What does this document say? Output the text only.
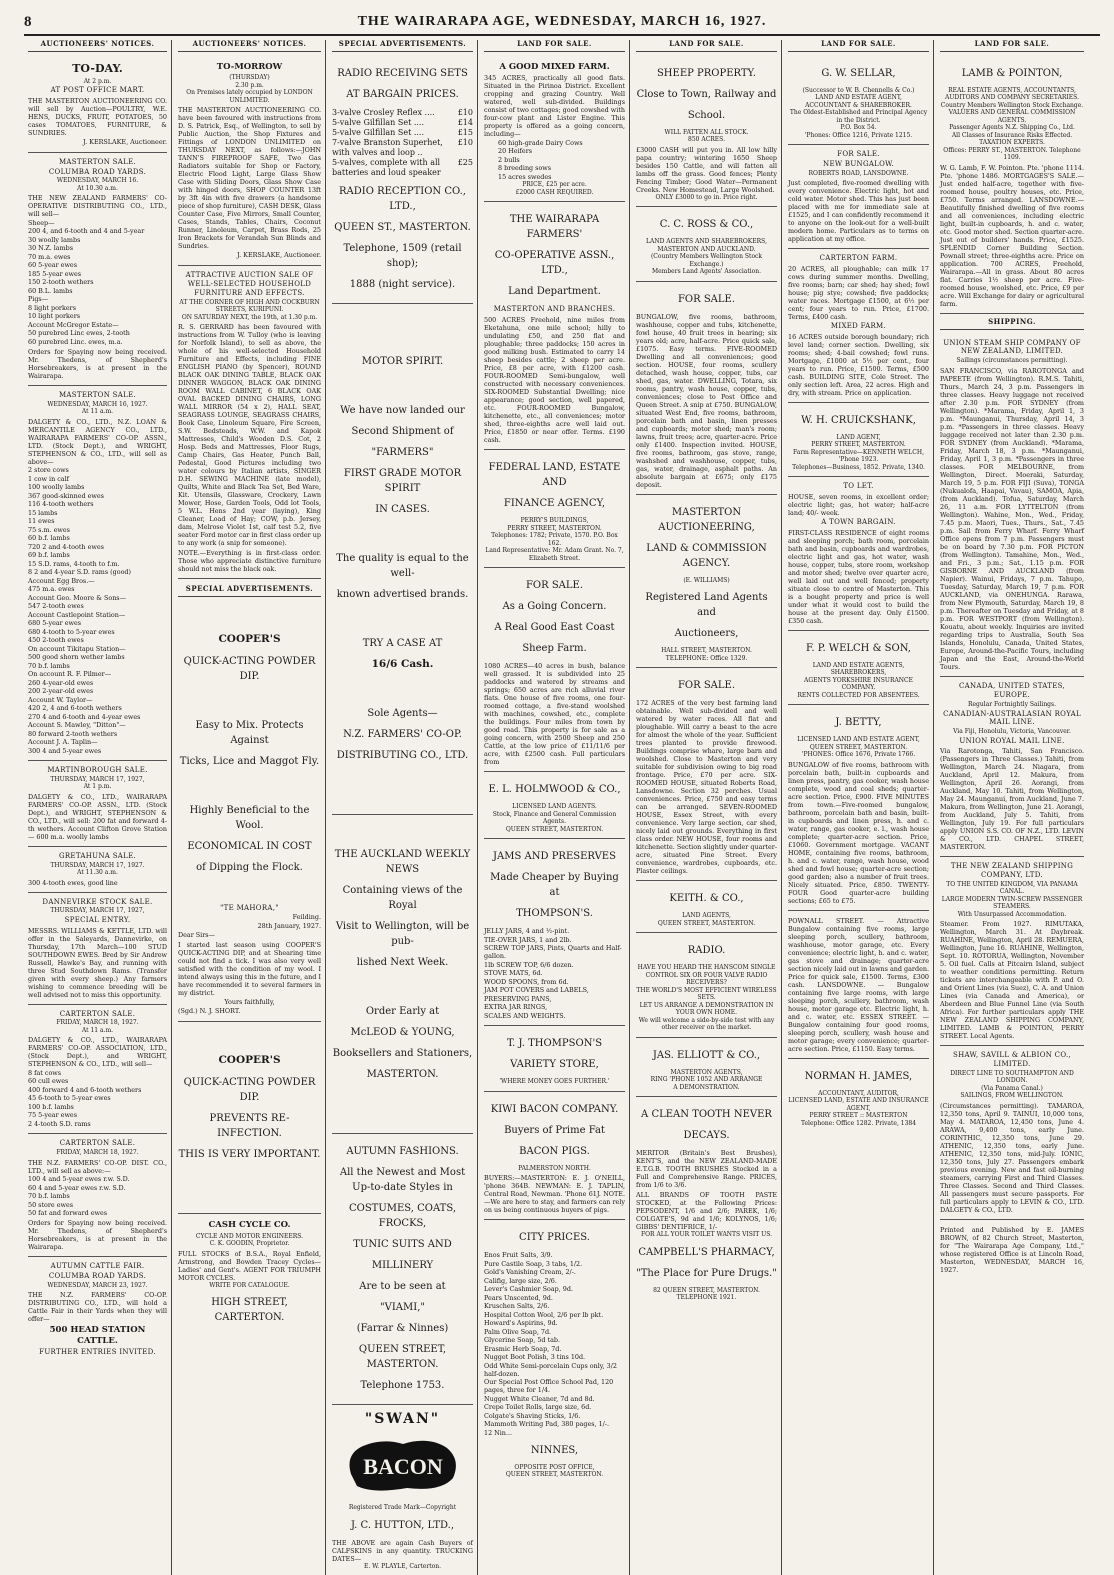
8	THE WAIRARAPA AGE, WEDNESDAY, MARCH 16, 1927.
AUCTIONEERS' NOTICES.
TO-DAY.
At 2 p.m.
AT POST OFFICE MART.
THE MASTERTON AUCTIONEERING CO. will sell by Auction—POULTRY, W.E. HENS, DUCKS, FRUIT, POTATOES, 50 cases TOMATOES, FURNITURE, & SUNDRIES.
J. KERSLAKE, Auctioneer.
MASTERTON SALE.
COLUMBA ROAD YARDS.
WEDNESDAY, MARCH 16.
At 10.30 a.m.
THE NEW ZEALAND FARMERS' CO-OPERATIVE DISTRIBUTING CO., LTD., will sell—
Sheep—
200 4, and 6-tooth and 4 and 5-year
30 woolly lambs
30 N.Z. lambs
70 m.a. ewes
60 5-year ewes
185 5-year ewes
150 2-tooth wethers
60 B.L. lambs
Pigs—
8 light porkers
10 light porkers
Account McGregor Estate—
50 purebred Linc ewes, 2-tooth
60 purebred Linc. ewes, m.a.
Orders for Spaying now being received. Mr. Thedens, of Shepherd's Horsebreakers, is at present in the Wairarapa.
MASTERTON SALE.
WEDNESDAY, MARCH 16, 1927.
At 11 a.m.
DALGETY & CO., LTD., N.Z. LOAN & MERCANTILE AGENCY CO., LTD., WAIRARAPA FARMERS' CO-OP. ASSN., LTD. (Stock Dept.), and WRIGHT, STEPHENSON & CO., LTD., will sell as above—
2 store cows
1 cow in calf
100 woolly lambs
367 good-skinned ewes
116 4-tooth wethers
15 lambs
11 ewes
75 s.m. ewes
60 b.f. lambs
720 2 and 4-tooth ewes
69 b.f. lambs
15 S.D. rams, 4-tooth to f.m.
8 2 and 4-year S.D. rams (good)
Account Egg Bros.—
475 m.a. ewes
Account Geo. Moore & Sons—
547 2-tooth ewes
Account Castlepoint Station—
680 5-year ewes
680 4-tooth to 5-year ewes
450 2-tooth ewes
On account Tikitapu Station—
500 good shorn wether lambs
70 b.f. lambs
On account R. F. Pilmer—
260 4-year-old ewes
200 2-year-old ewes
Account W. Taylor—
420 2, 4 and 6-tooth wethers
270 4 and 6-tooth and 4-year ewes
Account S. Mawley, "Ditton"—
80 forward 2-tooth wethers
Account J. A. Taplin—
300 4 and 5-year ewes
MARTINBOROUGH SALE.
THURSDAY, MARCH 17, 1927,
At 1 p.m.
DALGETY & CO., LTD., WAIRARAPA FARMERS' CO-OP. ASSN., LTD. (Stock Dept.), and WRIGHT, STEPHENSON & CO., LTD., will sell: 200 fat and forward 4-th wethers. Account Clifton Grove Station— 600 m.a. woolly lambs
GRETAHUNA SALE.
THURSDAY, MARCH 17, 1927.
At 11.30 a.m.
300 4-tooth ewes, good line
DANNEVIRKE STOCK SALE.
THURSDAY, MARCH 17, 1927,
SPECIAL ENTRY.
MESSRS. WILLIAMS & KETTLE, LTD. will offer in the Saleyards, Dannevirke, on Thursday, 17th March—100 STUD SOUTHDOWN EWES. Bred by Sir Andrew Russell, Hawke's Bay, and running with three Stud Southdown Rams. (Transfer given with every sheep.) Any farmers wishing to commence breeding will be well advised not to miss this opportunity.
CARTERTON SALE.
FRIDAY, MARCH 18, 1927.
At 11 a.m.
DALGETY & CO., LTD., WAIRARAPA FARMERS' CO-OP. ASSOCIATION, LTD., (Stock Dept.), and WRIGHT, STEPHENSON & CO., LTD., will sell—
8 fat cows
60 cull ewes
400 forward 4 and 6-tooth wethers
45 6-tooth to 5-year ewes
100 b.f. lambs
75 5-year ewes
2 4-tooth S.D. rams
CARTERTON SALE.
FRIDAY, MARCH 18, 1927.
THE N.Z. FARMERS' CO-OP. DIST. CO., LTD., will sell as above:—
100 4 and 5-year ewes r.w. S.D.
60 4 and 5-year ewes r.w. S.D.
70 b.f. lambs
50 store ewes
50 fat and forward ewes
Orders for Spaying now being received. Mr. Thedens, of Shepherd's Horsebreakers, is at present in the Wairarapa.
AUTUMN CATTLE FAIR.
COLUMBA ROAD YARDS.
WEDNESDAY, MARCH 23, 1927.
THE N.Z. FARMERS' CO-OP. DISTRIBUTING CO., LTD., will hold a Cattle Fair in their Yards when they will offer—
500 HEAD STATION CATTLE.
FURTHER ENTRIES INVITED.
AUCTIONEERS' NOTICES.
TO-MORROW
(THURSDAY)
2.30 p.m.
On Premises lately occupied by LONDON UNLIMITED.
THE MASTERTON AUCTIONEERING CO. have been favoured with instructions from D. S. Patrick, Esq., of Wellington, to sell by Public Auction, the Shop Fixtures and Fittings of LONDON UNLIMITED on THURSDAY NEXT, as follows:—JOHN TANN'S FIREPROOF SAFE, Two Gas Radiators suitable for Shop or Factory, Electric Flood Light, Large Glass Show Case with Sliding Doors, Glass Show Case with hinged doors, SHOP COUNTER 13ft by 3ft 4in with five drawers (a handsome piece of shop furniture), CASH DESK, Glass Counter Case, Five Mirrors, Small Counter, Cases, Stands, Tables, Chairs, Coconut Runner, Linoleum, Carpet, Brass Rods, 25 Iron Brackets for Verandah Sun Blinds and Sundries.
J. KERSLAKE, Auctioneer.
ATTRACTIVE AUCTION SALE OF WELL-SELECTED HOUSEHOLD FURNITURE AND EFFECTS.
AT THE CORNER OF HIGH AND COCKBURN STREETS, KURIPUNI.
ON SATURDAY NEXT, the 19th, at 1.30 p.m.
R. S. GERRARD has been favoured with instructions from W. Tulloy (who is leaving for Norfolk Island), to sell as above, the whole of his well-selected Household Furniture and Effects, including FINE ENGLISH PIANO (by Spencer), ROUND BLACK OAK DINING TABLE, BLACK OAK DINNER WAGGON, BLACK OAK DINING ROOM WALL CABINET, 6 BLACK OAK OVAL BACKED DINING CHAIRS, LONG WALL MIRROR (54 x 2), HALL SEAT, SEAGRASS LOUNGE, SEAGRASS CHAIRS, Book Case, Linoleum Square, Fire Screen, S.W. Bedsteads, W.W. and Kapok Mattresses, Child's Wooden D.S. Cot, 2 Hosp. Beds and Mattresses, Floor Rugs, Camp Chairs, Gas Heater, Punch Ball, Pedestal, Good Pictures including two water colours by Italian artists, SINGER D.H. SEWING MACHINE (late model), Quilts, White and Black Tea Set, Bed Ware, Kit. Utensils, Glassware, Crockery, Lawn Mower, Hose, Garden Tools, Odd lot Tools, 5 W.L. Hens 2nd year (laying), King Cleaner, Load of Hay; COW, p.b. Jersey, dam, Melrose Violet 1st, calf test 5.2, five seater Ford motor car in first class order up to any work (a snip for someone).
NOTE.—Everything is in first-class order. Those who appreciate distinctive furniture should not miss the black oak.
SPECIAL ADVERTISEMENTS.
COOPER'S
QUICK-ACTING POWDER DIP.
Easy to Mix. Protects Against
Ticks, Lice and Maggot Fly.
Highly Beneficial to the Wool.
ECONOMICAL IN COST
of Dipping the Flock.
"TE MAHORA,"
Feilding.
28th January, 1927.
Dear Sirs—
I started last season using COOPER'S QUICK-ACTING DIP, and at Shearing time could not find a tick. I was also very well satisfied with the condition of my wool. I intend always using this in the future, and I have recommended it to several farmers in my district.
Yours faithfully,
(Sgd.) N. J. SHORT.
COOPER'S
QUICK-ACTING POWDER DIP.
PREVENTS RE-INFECTION.
THIS IS VERY IMPORTANT.
CASH CYCLE CO.
CYCLE AND MOTOR ENGINEERS.
C. K. GOODIN, Proprietor.
FULL STOCKS of B.S.A., Royal Enfield, Armstrong, and Bowden Tracey Cycles—Ladies' and Gent's. AGENT FOR TRIUMPH MOTOR CYCLES.
WRITE FOR CATALOGUE.
HIGH STREET, CARTERTON.
SPECIAL ADVERTISEMENTS.
RADIO RECEIVING SETS
AT BARGAIN PRICES.
3-valve Crosley Reflex ....	£10
5-valve Gilfillan Set ....	£14
5-valve Gilfillan Set ....	£15
7-valve Branston Superhet, with valves and loop ..
£10
5-valves, complete with all batteries and loud speaker
£25
RADIO RECEPTION CO., LTD.,
QUEEN ST., MASTERTON.
Telephone, 1509 (retail shop);
1888 (night service).
MOTOR SPIRIT.
We have now landed our
Second Shipment of
"FARMERS"
FIRST GRADE MOTOR SPIRIT
IN CASES.
The quality is equal to the well-
known advertised brands.
TRY A CASE AT
16/6 Cash.
Sole Agents—
N.Z. FARMERS' CO-OP.
DISTRIBUTING CO., LTD.
THE AUCKLAND WEEKLY NEWS
Containing views of the Royal
Visit to Wellington, will be pub-
lished Next Week.
Order Early at
McLEOD & YOUNG,
Booksellers and Stationers,
MASTERTON.
AUTUMN FASHIONS.
All the Newest and Most Up-to-date Styles in
COSTUMES, COATS, FROCKS,
TUNIC SUITS AND
MILLINERY
Are to be seen at
"VIAMI,"
(Farrar & Ninnes)
QUEEN STREET, MASTERTON.
Telephone 1753.
"SWAN"
BACON
Registered Trade Mark—Copyright
J. C. HUTTON, LTD.,
THE ABOVE are again Cash Buyers of CALFSKINS in any quantity. TRUCKING DATES—
E. W. PLAYLE, Carterton.
LAND FOR SALE.
A GOOD MIXED FARM.
345 ACRES, practically all good flats. Situated in the Pirinoa District. Excellent cropping and grazing Country. Well watered, well sub-divided. Buildings consist of two cottages; good cowshed with four-cow plant and Lister Engine. This property is offered as a going concern, including—
60 high-grade Dairy Cows
20 Heifers
2 bulls
8 breeding sows
15 acres swedes
PRICE, £25 per acre.
£2000 CASH REQUIRED.
THE WAIRARAPA FARMERS'
CO-OPERATIVE ASSN., LTD.,
Land Department.
MASTERTON AND BRANCHES.
500 ACRES Freehold, nine miles from Eketahuna, one mile school; hilly to undulating £50, and 250 flat and ploughable; three paddocks; 150 acres in good milking bush. Estimated to carry 14 sheep besides cattle; 2 sheep per acre. Price, £8 per acre, with £1200 cash. FOUR-ROOMED Semi-bungalow, well constructed with necessary conveniences. SIX-ROOMED Substantial Dwelling; nice appearance; good section, well papered, etc. FOUR-ROOMED Bungalow, kitchenette, etc., all conveniences; motor shed, three-eighths acre well laid out. Price, £1850 or near offer. Terms. £190 cash.
FEDERAL LAND, ESTATE AND
FINANCE AGENCY,
PERRY'S BUILDINGS,
PERRY STREET, MASTERTON.
Telephones: 1782; Private, 1570. P.O. Box 162.
Land Representative: Mr. Adam Grant. No. 7, Elizabeth Street.
FOR SALE.
As a Going Concern.
A Real Good East Coast
Sheep Farm.
1080 ACRES—40 acres in bush, balance well grassed. It is subdivided into 25 paddocks and watered by streams and springs; 650 acres are rich alluvial river flats. One house of five rooms, one four-roomed cottage, a five-stand woolshed with machines, cowshed, etc., complete the buildings. Four miles from town by good road. This property is for sale as a going concern, with 2500 Sheep and 250 Cattle, at the low price of £11/11/6 per acre, with £2500 cash. Full particulars from
E. L. HOLMWOOD & CO.,
LICENSED LAND AGENTS.
Stock, Finance and General Commission Agents.
QUEEN STREET, MASTERTON.
JAMS AND PRESERVES
Made Cheaper by Buying at
THOMPSON'S.
JELLY JARS, 4 and ½-pint.
TIE-OVER JARS, 1 and 2lb.
SCREW TOP JARS, Pints, Quarts and Half-gallon.
1lb SCREW TOP, 6/6 dozen.
STOVE MATS, 6d.
WOOD SPOONS, from 6d.
JAM POT COVERS and LABELS,
PRESERVING PANS,
EXTRA JAR RINGS,
SCALES AND WEIGHTS.
T. J. THOMPSON'S
VARIETY STORE,
'WHERE MONEY GOES FURTHER.'
KIWI BACON COMPANY.
Buyers of Prime Fat
BACON PIGS.
PALMERSTON NORTH.
BUYERS:—MASTERTON: E. J. O'NEILL, 'phone 364B. NEWMAN: E. J. TAPLIN, Central Road, Newman. 'Phone 61J. NOTE.—We are here to stay, and farmers can rely on us being continuous buyers of pigs.
CITY PRICES.
Enos Fruit Salts, 3/9.
Pure Castile Soap, 3 tabs, 1/2.
Gold's Vanishing Cream, 2/-.
Califig, large size, 2/6.
Lever's Cashmier Soap, 9d.
Pears Unscented, 9d.
Kruschen Salts, 2/6.
Hospital Cotton Wool, 2/6 per lb pkt.
Howard's Aspirins, 9d.
Palm Olive Soap, 7d.
Glycerine Soap, 5d tab.
Erasmic Herb Soap, 7d.
Nugget Boot Polish, 3 tins 10d.
Odd White Semi-porcelain Cups only, 3/2 half-dozen.
Our Special Post Office School Pad, 120 pages, three for 1/4.
Nugget White Cleaner, 7d and 8d.
Crepe Toilet Rolls, large size, 6d.
Colgate's Shaving Sticks, 1/6.
Mammoth Writing Pad, 380 pages, 1/-.
12 Nin...
NINNES,
OPPOSITE POST OFFICE,
QUEEN STREET, MASTERTON.
LAND FOR SALE.
SHEEP PROPERTY.
Close to Town, Railway and
School.
WILL FATTEN ALL STOCK.
850 ACRES.
£3000 CASH will put you in. All low hilly papa country; wintering 1650 Sheep besides 150 Cattle, and will fatten all lambs off the grass. Good fences; Plenty Fencing Timber; Good Water—Permanent Creeks. New Homestead, Large Woolshed.
ONLY £3000 to go in. Price right.
C. C. ROSS & CO.,
LAND AGENTS AND SHAREBROKERS,
MASTERTON AND AUCKLAND.
(Country Members Wellington Stock Exchange.)
Members Land Agents' Association.
FOR SALE.
BUNGALOW, five rooms, bathroom, washhouse, copper and tubs, kitchenette, fowl house, 40 fruit trees in bearing; six years old; acre, half-acre. Price quick sale, £1075. Easy terms. FIVE-ROOMED Dwelling and all conveniences; good section. HOUSE, four rooms, scullery detached, wash house, copper, tubs, car shed, gas, water. DWELLING, Totara, six rooms, pantry, wash house, copper, tubs, conveniences; close to Post Office and Queen Street. A snip at £750. BUNGALOW, situated West End, five rooms, bathroom, porcelain bath and basin, linen presses and cupboards; motor shed; man's room; lawns, fruit trees; acre, quarter-acre. Price only £1400. Inspection invited. HOUSE, five rooms, bathroom, gas stove, range, washshed and washhouse, copper, tubs, gas, water, drainage, asphalt paths. An absolute bargain at £675; only £175 deposit.
MASTERTON AUCTIONEERING,
LAND & COMMISSION AGENCY.
(E. WILLIAMS)
Registered Land Agents and
Auctioneers,
HALL STREET, MASTERTON.
TELEPHONE: Office 1329.
FOR SALE.
172 ACRES of the very best farming land obtainable. Well sub-divided and well watered by water races. All flat and ploughable. Will carry a beast to the acre for almost the whole of the year. Sufficient trees planted to provide firewood. Buildings comprise whare, large barn and woolshed. Close to Masterton and very suitable for subdivision owing to big road frontage. Price, £70 per acre. SIX-ROOMED HOUSE, situated Roberts Road, Lansdowne. Section 32 perches. Usual conveniences. Price, £750 and easy terms can be arranged. SEVEN-ROOMED HOUSE, Essex Street, with every convenience. Very large section, car shed, nicely laid out grounds. Everything in first class order. NEW HOUSE, four rooms and kitchenette. Section slightly under quarter-acre, situated Pine Street. Every convenience, wardrobes, cupboards, etc. Plaster ceilings.
KEITH. & CO.,
LAND AGENTS,
QUEEN STREET, MASTERTON.
RADIO.
HAVE YOU HEARD THE HANSCOM SINGLE CONTROL SIX OR FOUR VALVE RADIO RECEIVERS?
THE WORLD'S MOST EFFICIENT WIRELESS SETS.
LET US ARRANGE A DEMONSTRATION IN YOUR OWN HOME.
We will welcome a side-by-side test with any other receiver on the market.
JAS. ELLIOTT & CO.,
MASTERTON AGENTS,
RING 'PHONE 1052 AND ARRANGE
A DEMONSTRATION.
A CLEAN TOOTH NEVER
DECAYS.
MERITOR (Britain's Best Brushes), KENT'S, and the NEW ZEALAND-MADE E.T.G.B. TOOTH BRUSHES Stocked in a Full and Comprehensive Range. PRICES, from 1/6 to 3/6.
ALL BRANDS OF TOOTH PASTE STOCKED, at the Following Prices: PEPSODENT, 1/6 and 2/6; PAREK, 1/6; COLGATE'S, 9d and 1/6; KOLYNOS, 1/6; GIBBS' DENTIFRICE, 1/-
FOR ALL YOUR TOILET WANTS VISIT US.
CAMPBELL'S PHARMACY,
"The Place for Pure Drugs."
82 QUEEN STREET, MASTERTON.
TELEPHONE 1921.
LAND FOR SALE.
G. W. SELLAR,
(Successor to W. B. Chennells & Co.)
LAND AND ESTATE AGENT,
ACCOUNTANT & SHAREBROKER.
The Oldest-Established and Principal Agency in the District.
P.O. Box 54.
'Phones: Office 1216, Private 1215.
FOR SALE.
NEW BUNGALOW.
ROBERTS ROAD, LANSDOWNE.
Just completed, five-roomed dwelling with every convenience. Electric light, hot and cold water. Motor shed. This has just been placed with me for immediate sale at £1525, and I can confidently recommend it to anyone on the look-out for a well-built modern home. Particulars as to terms on application at my office.
CARTERTON FARM.
20 ACRES, all ploughable; can milk 17 cows during summer months. Dwelling, five rooms; barn; car shed; hay shed; fowl house; pig stye; cowshed; five paddocks; water races. Mortgage £1500, at 6½ per cent; four years to run. Price, £1700. Terms, £400 cash.
MIXED FARM.
16 ACRES outside borough boundary; rich level land; corner section. Dwelling, six rooms; shed; 4-bail cowshed; fowl runs. Mortgage, £1000 at 5½ per cent., four years to run. Price, £1500. Terms, £500 cash. BUILDING SITE, Cole Street. The only section left. Area, 22 acres. High and dry, with stream. Price on application.
W. H. CRUICKSHANK,
LAND AGENT,
PERRY STREET, MASTERTON.
Farm Representative—KENNETH WELCH, 'Phone 1923.
Telephones—Business, 1852. Private, 1340.
TO LET.
HOUSE, seven rooms, in excellent order; electric light; gas, hot water; half-acre land; 40/- week.
A TOWN BARGAIN.
FIRST-CLASS RESIDENCE of eight rooms and sleeping porch; bath room, porcelain bath and basin, cupboards and wardrobes, electric light and gas, hot water, wash house, copper, tubs, store room, workshop and motor shed; twelve over quarter acre, well laid out and well fenced; property situate close to centre of Masterton. This is a bought property and price is well under what it would cost to build the house at the present day. Only £1500. £350 cash.
F. P. WELCH & SON,
LAND AND ESTATE AGENTS,
SHAREBROKERS,
AGENTS YORKSHIRE INSURANCE COMPANY.
RENTS COLLECTED FOR ABSENTEES.
J. BETTY,
LICENSED LAND AND ESTATE AGENT,
QUEEN STREET, MASTERTON.
'PHONES: Office 1676, Private 1766.
BUNGALOW of five rooms, bathroom with porcelain bath, built-in cupboards and linen press, pantry, gas cooker, wash house complete, wood and coal sheds; quarter-acre section. Price, £900. FIVE MINUTES from town.—Five-roomed bungalow, bathroom, porcelain bath and basin, built-in cupboards and linen press, h. and c. water, range, gas cooker, e. l., wash house complete; quarter-acre section. Price, £1060. Government mortgage. VACANT HOME, containing five rooms, bathroom, h. and c. water, range, wash house, wood shed and fowl house; quarter-acre section; good garden; also a number of fruit trees. Nicely situated. Price, £850. TWENTY-FOUR Good quarter-acre building sections; £65 to £75.
POWNALL STREET. — Attractive Bungalow containing five rooms, large sleeping porch, scullery, bathroom, washhouse, motor garage, etc. Every convenience; electric light, h. and c. water, gas stove and drainage; quarter-acre section nicely laid out in lawns and garden. Price for quick sale, £1500. Terms, £300 cash. LANSDOWNE. — Bungalow containing five large rooms, with large sleeping porch, scullery, bathroom, wash house, motor garage etc. Electric light, h. and c. water, etc. ESSEX STREET. — Bungalow containing four good rooms, sleeping porch, scullery, wash house and motor garage; every convenience; quarter-acre section. Price, £1150. Easy terms.
NORMAN H. JAMES,
ACCOUNTANT, AUDITOR,
LICENSED LAND, ESTATE AND INSURANCE AGENT,
PERRY STREET :: MASTERTON
Telephone: Office 1282. Private, 1384
LAND FOR SALE.
LAMB & POINTON,
REAL ESTATE AGENTS, ACCOUNTANTS, AUDITORS AND COMPANY SECRETARIES.
Country Members Wellington Stock Exchange.
VALUERS AND GENERAL COMMISSION AGENTS.
Passenger Agents N.Z. Shipping Co., Ltd.
All Classes of Insurance Risks Effected.
TAXATION EXPERTS.
Offices: PERRY ST., MASTERTON. Telephone 1109.
W. G. Lamb, F. W. Pointon. Pte. 'phone 1114. Pte. 'phone 1486. MORTGAGES'S SALE.—Just ended half-acre, together with five-roomed house, poultry houses, etc. Price, £750. Terms arranged. LANSDOWNE.— Beautifully finished dwelling of five rooms and all conveniences, including electric light, built-in cupboards, h. and c. water, etc. Good motor shed. Section quarter-acre. Just out of builders' hands. Price, £1525. SPLENDID Corner Building Section. Pownall street; three-eighths acre. Price on application. 700 ACRES, Freehold, Wairarapa.—All in grass. About 80 acres flat. Carries 1½ sheep per acre. Five-roomed house, woolshed, etc. Price, £9 per acre. Will Exchange for dairy or agricultural farm.
SHIPPING.
UNION STEAM SHIP COMPANY OF NEW ZEALAND, LIMITED.
Sailings (circumstances permitting).
SAN FRANCISCO, via RAROTONGA and PAPEETE (from Wellington). R.M.S. Tahiti, Thurs., March 24, 3 p.m. Passengers in three classes. Heavy luggage not received after 2.30 p.m. FOR SYDNEY (from Wellington). *Marama, Friday, April 1, 3 p.m. *Maunganui, Thursday, April 14, 3 p.m. *Passengers in three classes. Heavy luggage received not later than 2.30 p.m. FOR SYDNEY (from Auckland). *Marama, Friday, March 18, 3 p.m. *Maunganui, Friday, April 1, 3 p.m. *Passengers in three classes. FOR MELBOURNE, from Wellington, Direct. Moeraki, Saturday, March 19, 5 p.m. FOR FIJI (Suva), TONGA (Nukualofa, Haapai, Vavau), SAMOA, Apia, (from Auckland). Tofua, Saturday, March 26, 11 a.m. FOR LYTTELTON (from Wellington). Wahine, Mon., Wed., Friday, 7.45 p.m. Maori, Tues., Thurs., Sat., 7.45 p.m. Sail from Ferry Wharf. Ferry Wharf Office opens from 7 p.m. Passengers must be on board by 7.30 p.m. FOR PICTON (from Wellington). Tamahine, Mon., Wed., and Fri., 3 p.m.; Sat., 1.15 p.m. FOR GISBORNE AND AUCKLAND (from Napier). Wainui, Fridays, 7 p.m. Tahupo, Tuesday, Saturday, March 19, 7 p.m. FOR AUCKLAND, via ONEHUNGA. Rarawa, from New Plymouth, Saturday, March 19, 8 p.m. Thereafter on Tuesday and Friday, at 8 p.m. FOR WESTPORT (from Wellington). Kouatu, about weekly. Inquiries are invited regarding trips to Australia, South Sea Islands, Honolulu, Canada, United States, Europe, Around-the-Pacific Tours, including Japan and the East, Around-the-World Tours.
CANADA, UNITED STATES,
EUROPE.
Regular Fortnightly Sailings.
CANADIAN-AUSTRALASIAN ROYAL MAIL LINE.
Via Fiji, Honolulu, Victoria, Vancouver.
UNION ROYAL MAIL LINE.
Via Rarotonga, Tahiti, San Francisco. (Passengers in Three Classes.) Tahiti, from Wellington, March 24. Niagara, from Auckland, April 12. Makura, from Wellington, April 26. Aorangi, from Auckland, May 10. Tahiti, from Wellington, May 24. Maunganui, from Auckland, June 7. Makura, from Wellington, June 21. Aorangi, from Auckland, July 5. Tahiti, from Wellington, July 19. For full particulars apply UNION S.S. CO. OF N.Z., LTD. LEVIN & CO., LTD. CHAPEL STREET, MASTERTON.
THE NEW ZEALAND SHIPPING COMPANY, LTD.
TO THE UNITED KINGDOM, VIA PANAMA CANAL.
LARGE MODERN TWIN-SCREW PASSENGER STEAMERS.
With Unsurpassed Accommodation.
Steamer. From 1927. RIMUTAKA, Wellington, March 31. At Daybreak. RUAHINE, Wellington, April 28. REMUERA, Wellington, June 16. RUAHINE, Wellington, Sept. 10. ROTORUA, Wellington, November 5. Oil fuel. Calls at Pitcairn Island, subject to weather conditions permitting. Return tickets are interchangeable with P. and O. and Orient Lines (via Suez), C. A. and Union Lines (via Canada and America), or Aberdeen and Blue Funnel Line (via South Africa). For further particulars apply THE NEW ZEALAND SHIPPING COMPANY, LIMITED. LAMB & POINTON, PERRY STREET. Local Agents.
SHAW, SAVILL & ALBION CO., LIMITED.
DIRECT LINE TO SOUTHAMPTON AND LONDON.
(Via Panama Canal.)
SAILINGS, FROM WELLINGTON.
(Circumstances permitting). TAMAROA, 12,350 tons, April 9. TAINUI, 10,000 tons, May 4. MATAROA, 12,450 tons, June 4. ARAWA, 9,400 tons, early June. CORINTHIC, 12,350 tons, June 29. ATHENIC, 12,350 tons, early June. ATHENIC, 12,350 tons, mid-July. IONIC, 12,350 tons, July 27. Passengers embark previous evening. New and fast oil-burning steamers, carrying First and Third Classes. Three Classes. Second and Third Classes. All passengers must secure passports. For full particulars apply to LEVIN & CO., LTD. DALGETY & CO., LTD.
Printed and Published by E. JAMES BROWN, of 82 Church Street, Masterton, for "The Wairarapa Age Company, Ltd.," whose registered Office is at Lincoln Road, Masterton, WEDNESDAY, MARCH 16, 1927.
